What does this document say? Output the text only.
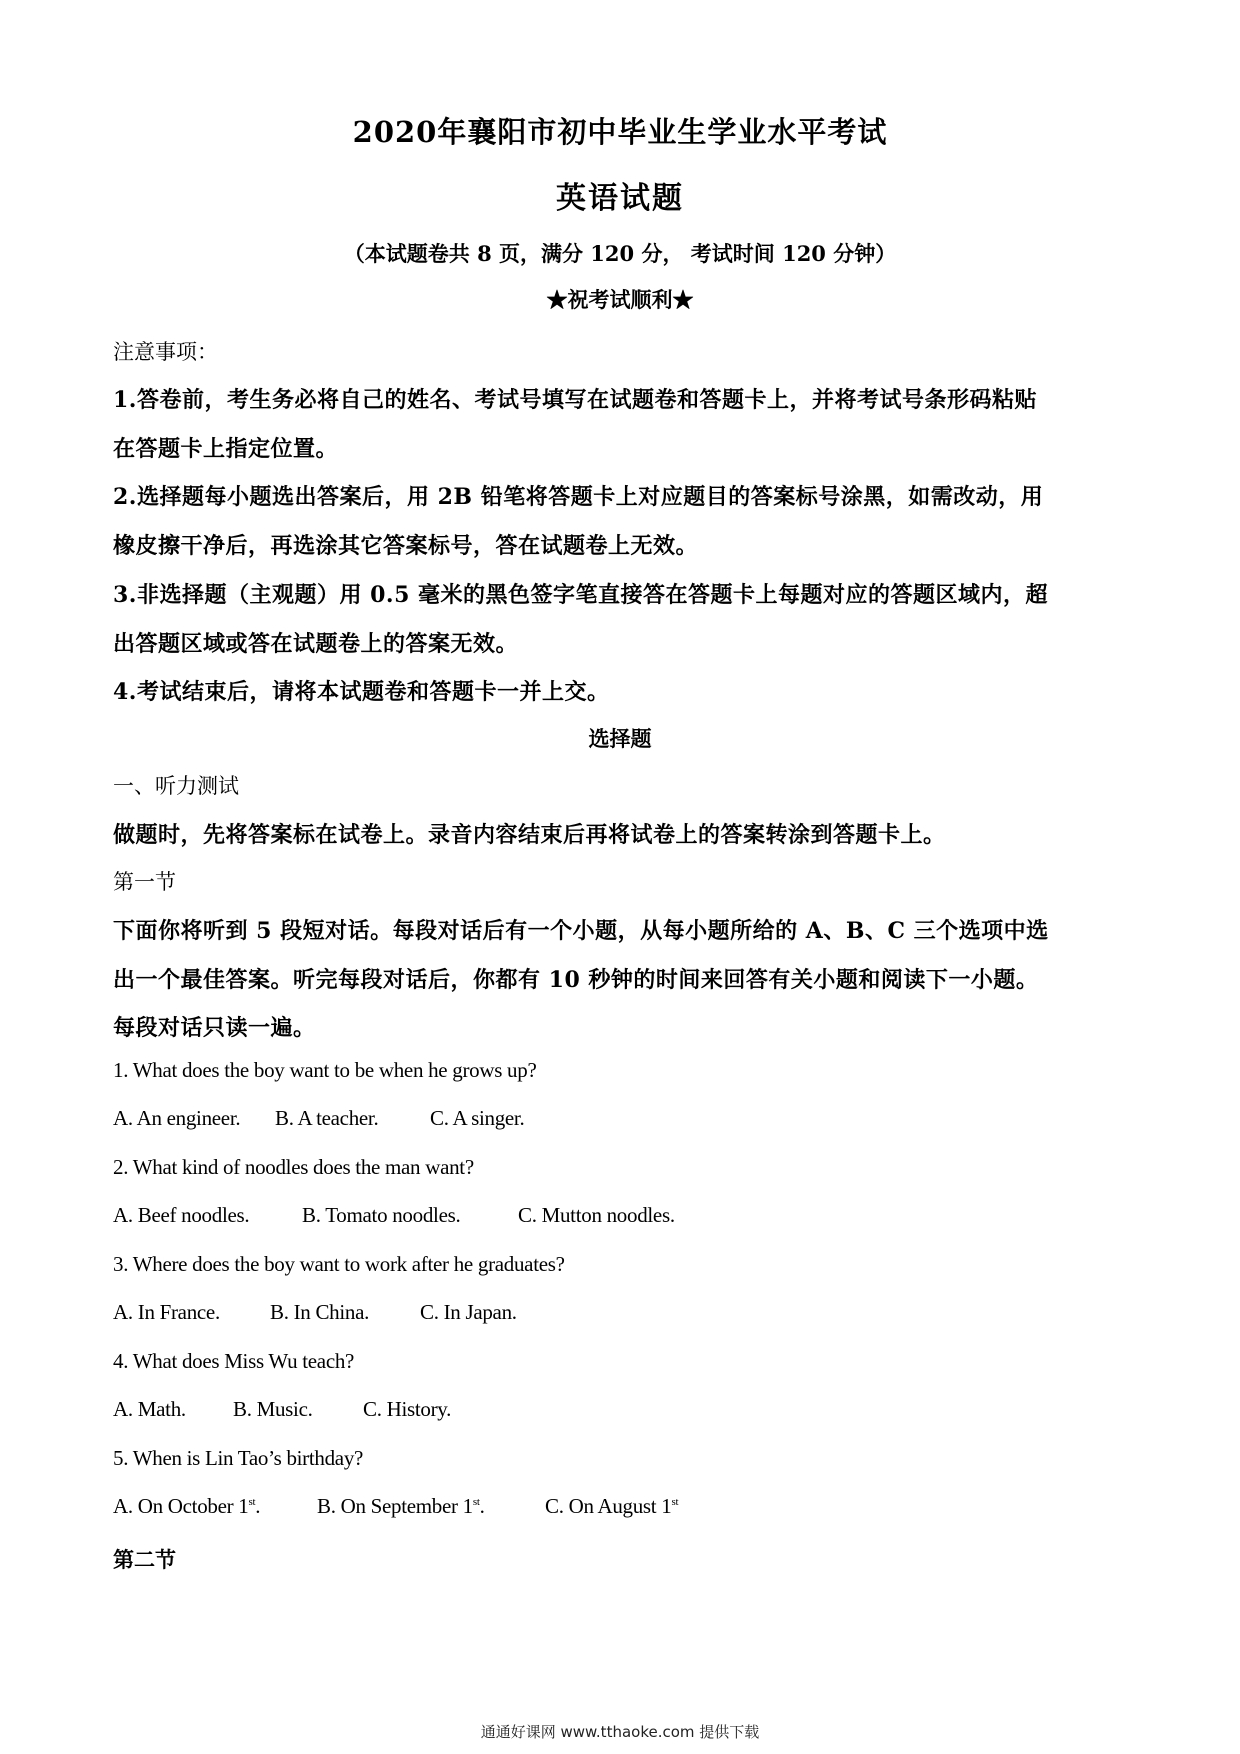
2020年襄阳市初中毕业生学业水平考试
英语试题
（本试题卷共 8 页，满分 120 分， 考试时间 120 分钟）
★祝考试顺利★
注意事项：
1.答卷前，考生务必将自己的姓名、考试号填写在试题卷和答题卡上，并将考试号条形码粘贴
在答题卡上指定位置。
2.选择题每小题选出答案后，用 2B 铅笔将答题卡上对应题目的答案标号涂黑，如需改动，用
橡皮擦干净后，再选涂其它答案标号，答在试题卷上无效。
3.非选择题（主观题）用 0.5 毫米的黑色签字笔直接答在答题卡上每题对应的答题区域内，超
出答题区域或答在试题卷上的答案无效。
4.考试结束后，请将本试题卷和答题卡一并上交。
选择题
一、听力测试
做题时，先将答案标在试卷上。录音内容结束后再将试卷上的答案转涂到答题卡上。
第一节
下面你将听到 5 段短对话。每段对话后有一个小题，从每小题所给的 A、B、C 三个选项中选
出一个最佳答案。听完每段对话后，你都有 10 秒钟的时间来回答有关小题和阅读下一小题。
每段对话只读一遍。
1. What does the boy want to be when he grows up?
A. An engineer. B. A teacher. C. A singer.
2. What kind of noodles does the man want?
A. Beef noodles.	B. Tomato noodles.	C. Mutton noodles.
3. Where does the boy want to work after he graduates?
A. In France. B. In China. C. In Japan.
4. What does Miss Wu teach?
A. Math. B. Music. C. History.
5. When is Lin Tao’s birthday?
A. On October 1st.	B. On September 1st.	C. On August 1st
第二节
通通好课网 www.tthaoke.com 提供下载
